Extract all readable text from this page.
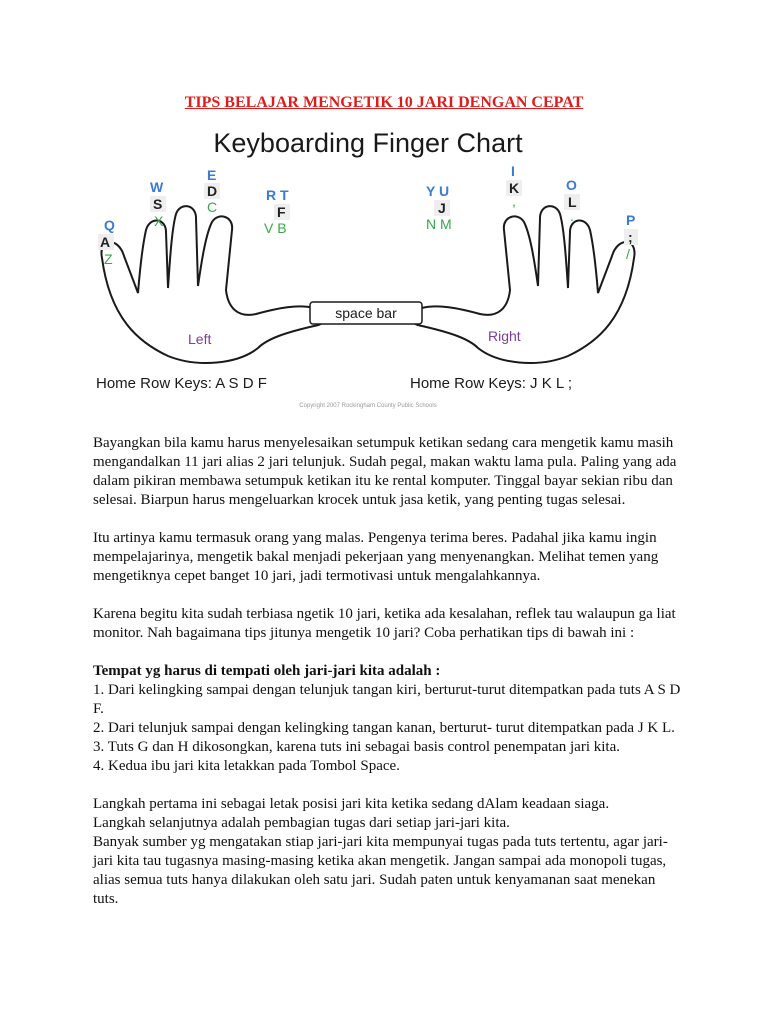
TIPS BELAJAR MENGETIK 10 JARI DENGAN CEPAT
Keyboarding Finger Chart
space bar
Q
A
Z
W
S
X
E
D
C
R T
F
V B
Y U
J
N M
I
K
,
O
L
.	P
;
/
Left	Right
Home Row Keys: A S D F	Home Row Keys: J K L ;
Copyright 2007 Rockingham County Public Schools

Bayangkan bila kamu harus menyelesaikan setumpuk ketikan sedang cara mengetik kamu masih mengandalkan 11 jari alias 2 jari telunjuk. Sudah pegal, makan waktu lama pula. Paling yang ada dalam pikiran membawa setumpuk ketikan itu ke rental komputer. Tinggal bayar sekian ribu dan selesai. Biarpun harus mengeluarkan krocek untuk jasa ketik, yang penting tugas selesai.

Itu artinya kamu termasuk orang yang malas. Pengenya terima beres. Padahal jika kamu ingin mempelajarinya, mengetik bakal menjadi pekerjaan yang menyenangkan. Melihat temen yang mengetiknya cepet banget 10 jari, jadi termotivasi untuk mengalahkannya.

Karena begitu kita sudah terbiasa ngetik 10 jari, ketika ada kesalahan, reflek tau walaupun ga liat monitor. Nah bagaimana tips jitunya mengetik 10 jari? Coba perhatikan tips di bawah ini :

Tempat yg harus di tempati oleh jari-jari kita adalah :

1. Dari kelingking sampai dengan telunjuk tangan kiri, berturut-turut ditempatkan pada tuts A S D F.
2. Dari telunjuk sampai dengan kelingking tangan kanan, berturut- turut ditempatkan pada J K L.
3. Tuts G dan H dikosongkan, karena tuts ini sebagai basis control penempatan jari kita.
4. Kedua ibu jari kita letakkan pada Tombol Space.

Langkah pertama ini sebagai letak posisi jari kita ketika sedang dAlam keadaan siaga.

Langkah selanjutnya adalah pembagian tugas dari setiap jari-jari kita.

Banyak sumber yg mengatakan stiap jari-jari kita mempunyai tugas pada tuts tertentu, agar jari-jari kita tau tugasnya masing-masing ketika akan mengetik. Jangan sampai ada monopoli tugas, alias semua tuts hanya dilakukan oleh satu jari. Sudah paten untuk kenyamanan saat menekan tuts.
